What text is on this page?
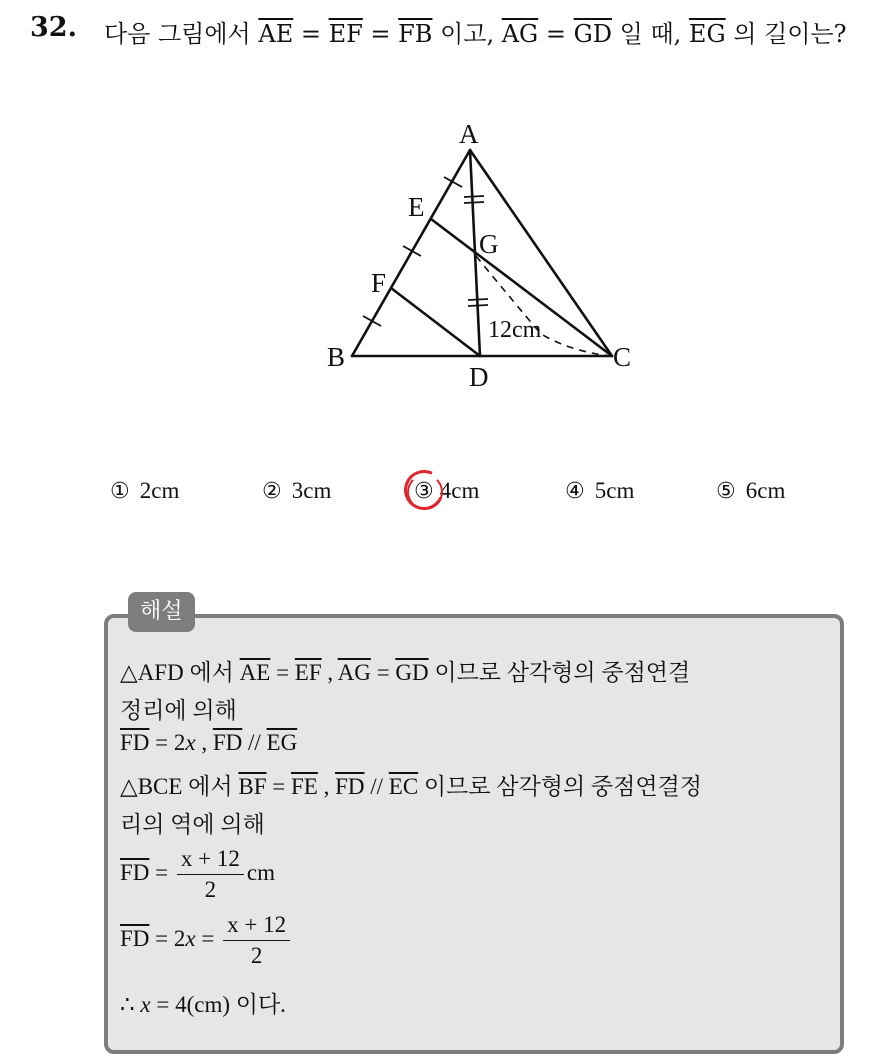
32. 다음 그림에서 $\overline{AE} = \overline{EF} = \overline{FB}$ 이고, $\overline{AG} = \overline{GD}$ 일 때, $\overline{EG}$ 의 길이는?
A
E
G
F
B	C
D
12cm
① 2cm	② 3cm	③ 4cm	④ 5cm	⑤ 6cm
해설
△AFD 에서 $\overline{AE} = \overline{EF}$ , $\overline{AG} = \overline{GD}$ 이므로 삼각형의 중점연결
정리에 의해
$\overline{FD} = 2x$ , $\overline{FD} // \overline{EG}$
△BCE 에서 $\overline{BF} = \overline{FE}$ , $\overline{FD} // \overline{EC}$ 이므로 삼각형의 중점연결정
리의 역에 의해
$\overline{FD} = \frac{x + 12}{2}$ cm
$\overline{FD} = 2x = \frac{x + 12}{2}$
∴ x = 4(cm) 이다.
